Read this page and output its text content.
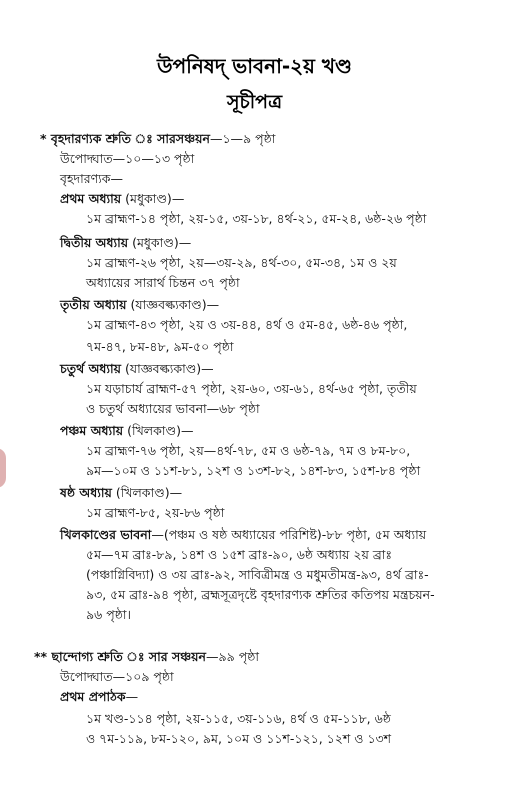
উপনিষদ্ ভাবনা-২য় খণ্ড
সূচীপত্র
* বৃহদারণ্যক শ্রুতি ঃ সারসঞ্চয়ন—১—৯ পৃষ্ঠা
উপোদ্ঘাত—১০—১৩ পৃষ্ঠা
বৃহদারণ্যক—
প্রথম অধ্যায় (মধুকাণ্ড)—
১ম ব্রাহ্মণ-১৪ পৃষ্ঠা, ২য়-১৫, ৩য়-১৮, ৪র্থ-২১, ৫ম-২৪, ৬ষ্ঠ-২৬ পৃষ্ঠা
দ্বিতীয় অধ্যায় (মধুকাণ্ড)—
১ম ব্রাহ্মণ-২৬ পৃষ্ঠা, ২য়—৩য়-২৯, ৪র্থ-৩০, ৫ম-৩৪, ১ম ও ২য়
অধ্যায়ের সারার্থ চিন্তন ৩৭ পৃষ্ঠা
তৃতীয় অধ্যায় (যাজ্ঞবল্ক্যকাণ্ড)—
১ম ব্রাহ্মণ-৪৩ পৃষ্ঠা, ২য় ও ৩য়-৪৪, ৪র্থ ও ৫ম-৪৫, ৬ষ্ঠ-৪৬ পৃষ্ঠা,
৭ম-৪৭, ৮ম-৪৮, ৯ম-৫০ পৃষ্ঠা
চতুর্থ অধ্যায় (যাজ্ঞবল্ক্যকাণ্ড)—
১ম যড়াচার্য ব্রাহ্মণ-৫৭ পৃষ্ঠা, ২য়-৬০, ৩য়-৬১, ৪র্থ-৬৫ পৃষ্ঠা, তৃতীয়
ও চতুর্থ অধ্যায়ের ভাবনা—৬৮ পৃষ্ঠা
পঞ্চম অধ্যায় (খিলকাণ্ড)—
১ম ব্রাহ্মণ-৭৬ পৃষ্ঠা, ২য়—৪র্থ-৭৮, ৫ম ও ৬ষ্ঠ-৭৯, ৭ম ও ৮ম-৮০,
৯ম—১০ম ও ১১শ-৮১, ১২শ ও ১৩শ-৮২, ১৪শ-৮৩, ১৫শ-৮৪ পৃষ্ঠা
ষষ্ঠ অধ্যায় (খিলকাণ্ড)—
১ম ব্রাহ্মণ-৮৫, ২য়-৮৬ পৃষ্ঠা
খিলকাণ্ডের ভাবনা—(পঞ্চম ও ষষ্ঠ অধ্যায়ের পরিশিষ্ট)-৮৮ পৃষ্ঠা, ৫ম অধ্যায়
৫ম—৭ম ব্রাঃ-৮৯, ১৪শ ও ১৫শ ব্রাঃ-৯০, ৬ষ্ঠ অধ্যায় ২য় ব্রাঃ
(পঞ্চাগ্নিবিদ্যা) ও ৩য় ব্রাঃ-৯২, সাবিত্রীমন্ত্র ও মধুমতীমন্ত্র-৯৩, ৪র্থ ব্রাঃ-
৯৩, ৫ম ব্রাঃ-৯৪ পৃষ্ঠা, ব্রহ্মসূত্রদৃষ্টে বৃহদারণ্যক শ্রুতির কতিপয় মন্ত্রচয়ন-
৯৬ পৃষ্ঠা।
** ছান্দোগ্য শ্রুতি ঃ সার সঞ্চয়ন—৯৯ পৃষ্ঠা
উপোদ্ঘাত—১০৯ পৃষ্ঠা
প্রথম প্রপাঠক—
১ম খণ্ড-১১৪ পৃষ্ঠা, ২য়-১১৫, ৩য়-১১৬, ৪র্থ ও ৫ম-১১৮, ৬ষ্ঠ
ও ৭ম-১১৯, ৮ম-১২০, ৯ম, ১০ম ও ১১শ-১২১, ১২শ ও ১৩শ
